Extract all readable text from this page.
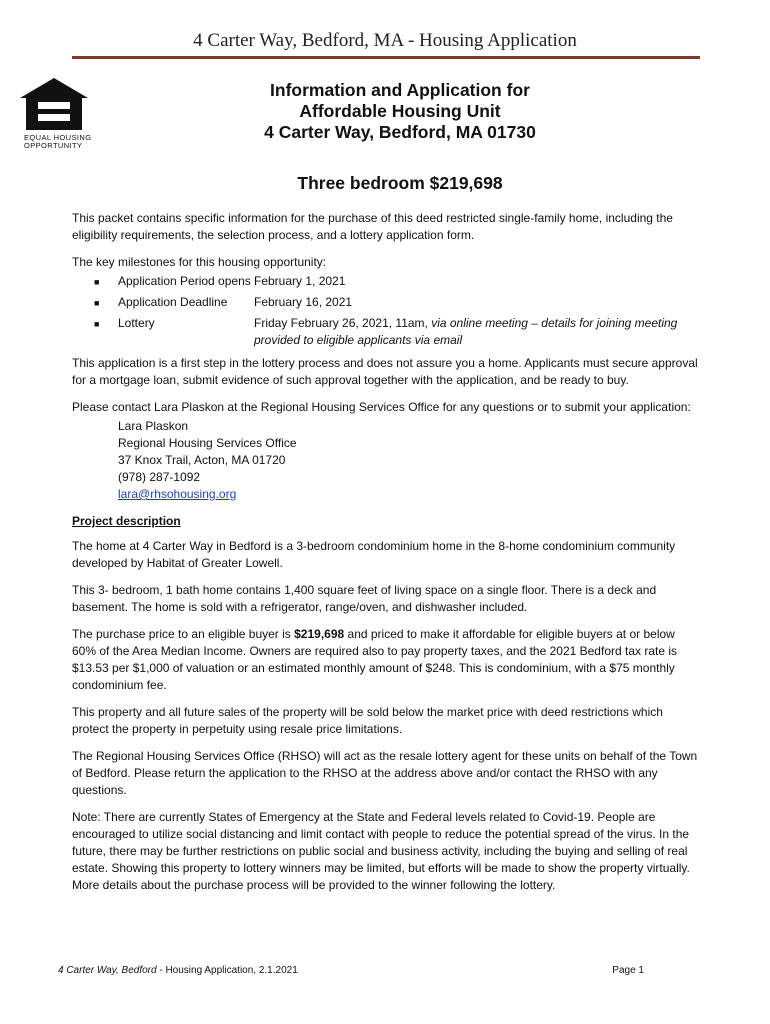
4 Carter Way, Bedford, MA - Housing Application
EQUAL HOUSING
OPPORTUNITY
Information and Application for
Affordable Housing Unit
4 Carter Way, Bedford, MA 01730
Three bedroom $219,698

This packet contains specific information for the purchase of this deed restricted single-family home, including the eligibility requirements, the selection process, and a lottery application form.

The key milestones for this housing opportunity:

■	Application Period opens February 1, 2021
■	Application Deadline	February 16, 2021
■	Lottery	Friday February 26, 2021, 11am, via online meeting – details for joining meeting provided to eligible applicants via email

This application is a first step in the lottery process and does not assure you a home. Applicants must secure approval for a mortgage loan, submit evidence of such approval together with the application, and be ready to buy.

Please contact Lara Plaskon at the Regional Housing Services Office for any questions or to submit your application:

Lara Plaskon
Regional Housing Services Office
37 Knox Trail, Acton, MA 01720
(978) 287-1092
lara@rhsohousing.org
Project description

The home at 4 Carter Way in Bedford is a 3-bedroom condominium home in the 8-home condominium community developed by Habitat of Greater Lowell.

This 3- bedroom, 1 bath home contains 1,400 square feet of living space on a single floor. There is a deck and basement. The home is sold with a refrigerator, range/oven, and dishwasher included.

The purchase price to an eligible buyer is $219,698 and priced to make it affordable for eligible buyers at or below 60% of the Area Median Income. Owners are required also to pay property taxes, and the 2021 Bedford tax rate is $13.53 per $1,000 of valuation or an estimated monthly amount of $248. This is condominium, with a $75 monthly condominium fee.

This property and all future sales of the property will be sold below the market price with deed restrictions which protect the property in perpetuity using resale price limitations.

The Regional Housing Services Office (RHSO) will act as the resale lottery agent for these units on behalf of the Town of Bedford. Please return the application to the RHSO at the address above and/or contact the RHSO with any questions.

Note: There are currently States of Emergency at the State and Federal levels related to Covid-19. People are encouraged to utilize social distancing and limit contact with people to reduce the potential spread of the virus. In the future, there may be further restrictions on public social and business activity, including the buying and selling of real estate. Showing this property to lottery winners may be limited, but efforts will be made to show the property virtually. More details about the purchase process will be provided to the winner following the lottery.

4 Carter Way, Bedford - Housing Application, 2.1.2021	Page 1
